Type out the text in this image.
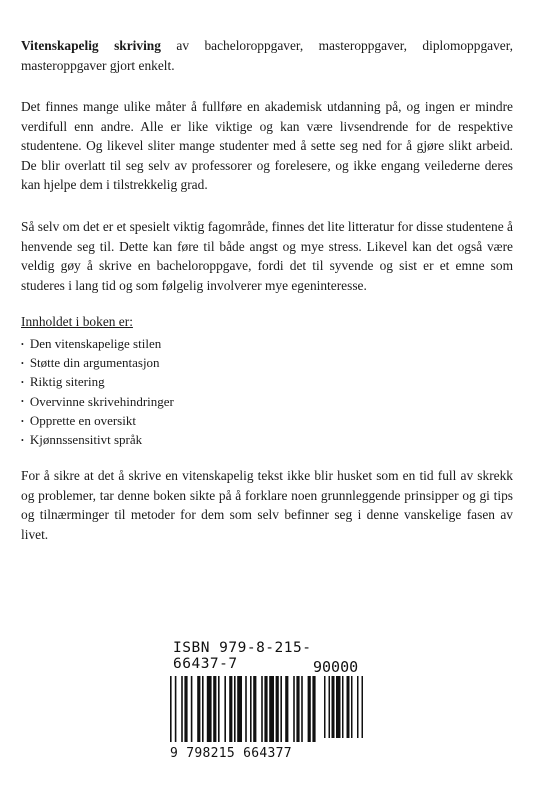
Vitenskapelig skriving av bacheloroppgaver, masteroppgaver, diplomoppgaver, masteroppgaver gjort enkelt.
Det finnes mange ulike måter å fullføre en akademisk utdanning på, og ingen er mindre verdifull enn andre. Alle er like viktige og kan være livsendrende for de respektive studentene. Og likevel sliter mange studenter med å sette seg ned for å gjøre slikt arbeid. De blir overlatt til seg selv av professorer og forelesere, og ikke engang veilederne deres kan hjelpe dem i tilstrekkelig grad.
Så selv om det er et spesielt viktig fagområde, finnes det lite litteratur for disse studentene å henvende seg til. Dette kan føre til både angst og mye stress. Likevel kan det også være veldig gøy å skrive en bacheloroppgave, fordi det til syvende og sist er et emne som studeres i lang tid og som følgelig involverer mye egeninteresse.
Innholdet i boken er:
• Den vitenskapelige stilen
• Støtte din argumentasjon
• Riktig sitering
• Overvinne skrivehindringer
• Opprette en oversikt
• Kjønnssensitivt språk
For å sikre at det å skrive en vitenskapelig tekst ikke blir husket som en tid full av skrekk og problemer, tar denne boken sikte på å forklare noen grunnleggende prinsipper og gi tips og tilnærminger til metoder for dem som selv befinner seg i denne vanskelige fasen av livet.
ISBN 979-8-215-66437-7	90000
9 798215 664377
